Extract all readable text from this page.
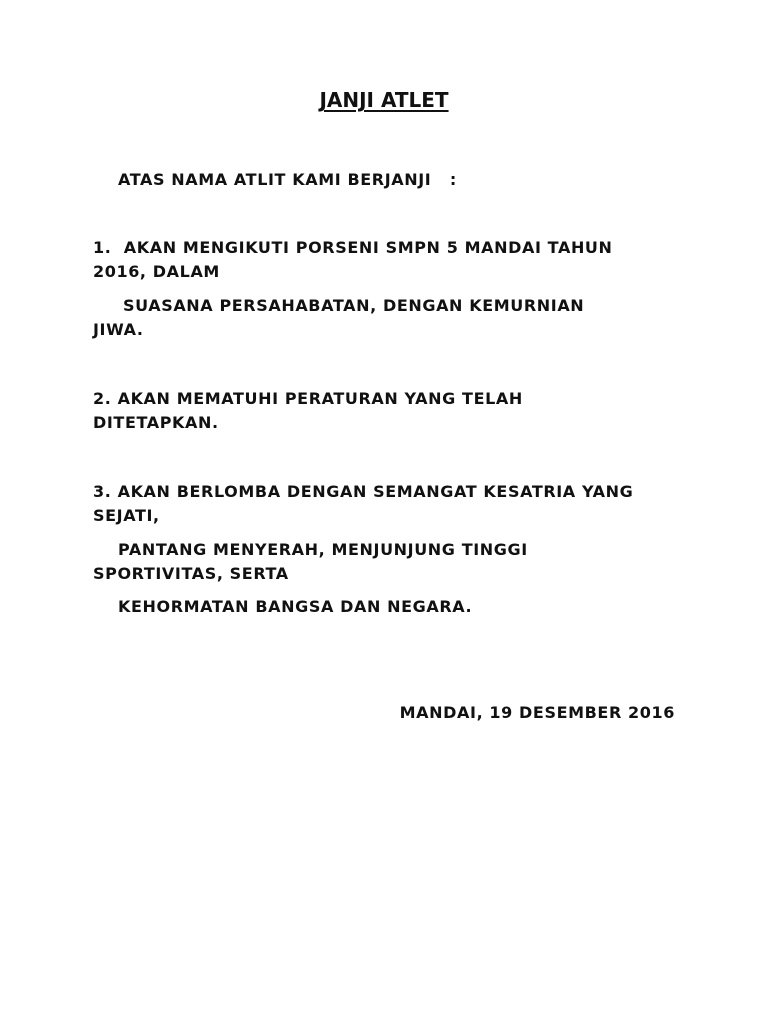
JANJI ATLET
ATAS NAMA ATLIT KAMI BERJANJI   :
1.  AKAN MENGIKUTI PORSENI SMPN 5 MANDAI TAHUN
2016, DALAM
SUASANA PERSAHABATAN, DENGAN KEMURNIAN
JIWA.
2. AKAN MEMATUHI PERATURAN YANG TELAH
DITETAPKAN.
3. AKAN BERLOMBA DENGAN SEMANGAT KESATRIA YANG
SEJATI,
PANTANG MENYERAH, MENJUNJUNG TINGGI
SPORTIVITAS, SERTA
KEHORMATAN BANGSA DAN NEGARA.
MANDAI, 19 DESEMBER 2016
